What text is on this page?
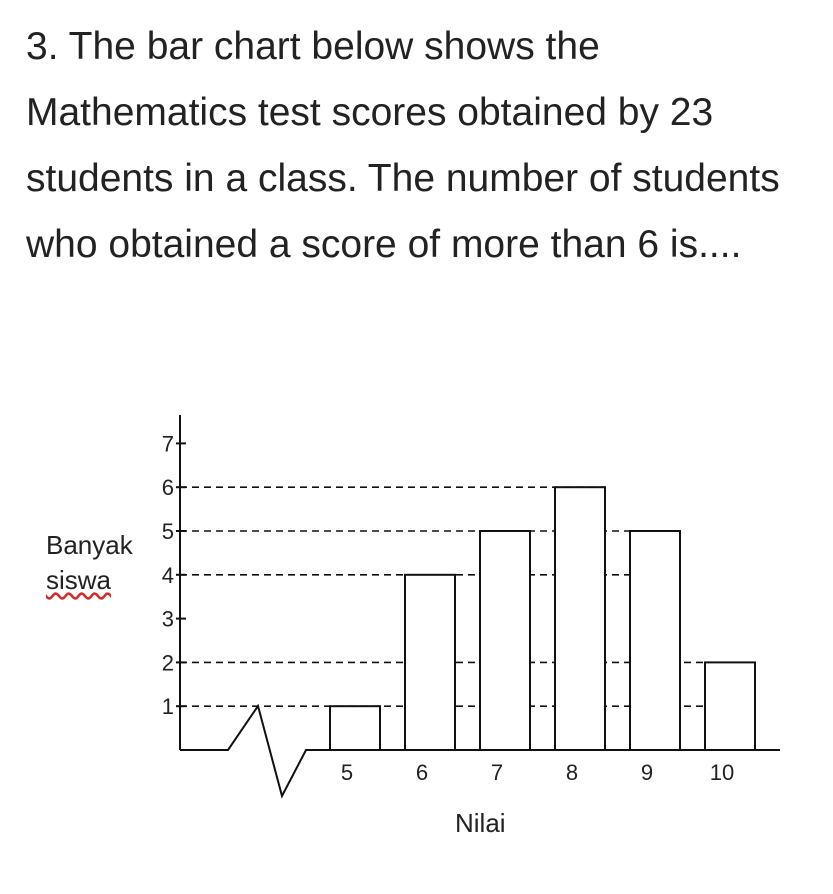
3. The bar chart below shows the Mathematics test scores obtained by 23 students in a class. The number of students who obtained a score of more than 6 is....

Banyak
siswa
Nilai
1
2
3
4
5
6
7
5	6	7	8	9	10
